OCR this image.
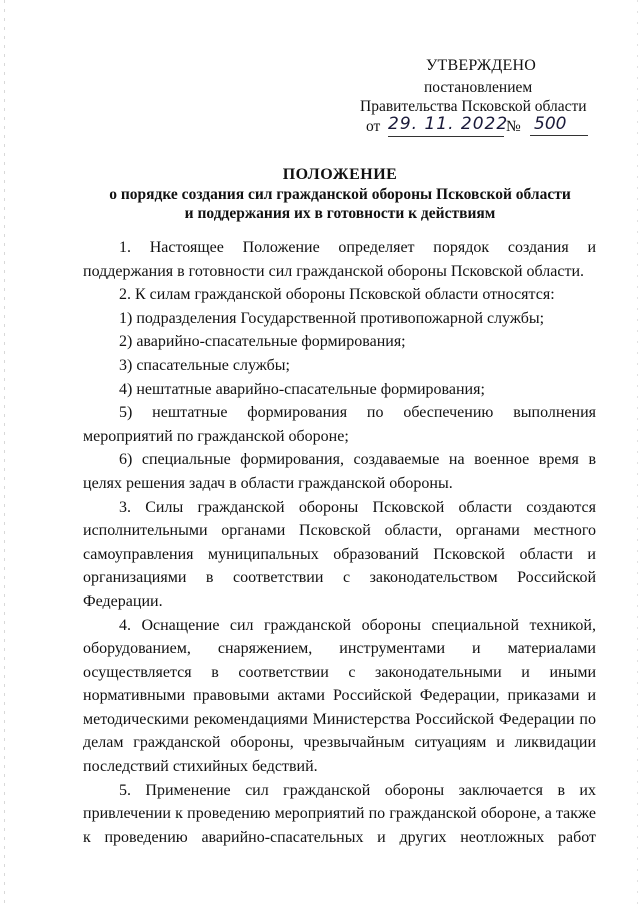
УТВЕРЖДЕНО
постановлением
Правительства Псковской области
от 29. 11. 2022
№ 500
ПОЛОЖЕНИЕ
о порядке создания сил гражданской обороны Псковской области
и поддержания их в готовности к действиям

1. Настоящее Положение определяет порядок создания и поддержания в готовности сил гражданской обороны Псковской области.

2. К силам гражданской обороны Псковской области относятся:

1) подразделения Государственной противопожарной службы;

2) аварийно-спасательные формирования;

3) спасательные службы;

4) нештатные аварийно-спасательные формирования;

5) нештатные формирования по обеспечению выполнения мероприятий по гражданской обороне;

6) специальные формирования, создаваемые на военное время в целях решения задач в области гражданской обороны.

3. Силы гражданской обороны Псковской области создаются исполнительными органами Псковской области, органами местного самоуправления муниципальных образований Псковской области и организациями в соответствии с законодательством Российской Федерации.

4. Оснащение сил гражданской обороны специальной техникой, оборудованием, снаряжением, инструментами и материалами осуществляется в соответствии с законодательными и иными нормативными правовыми актами Российской Федерации, приказами и методическими рекомендациями Министерства Российской Федерации по делам гражданской обороны, чрезвычайным ситуациям и ликвидации последствий стихийных бедствий.

5. Применение сил гражданской обороны заключается в их привлечении к проведению мероприятий по гражданской обороне, а также к проведению аварийно-спасательных и других неотложных работ
